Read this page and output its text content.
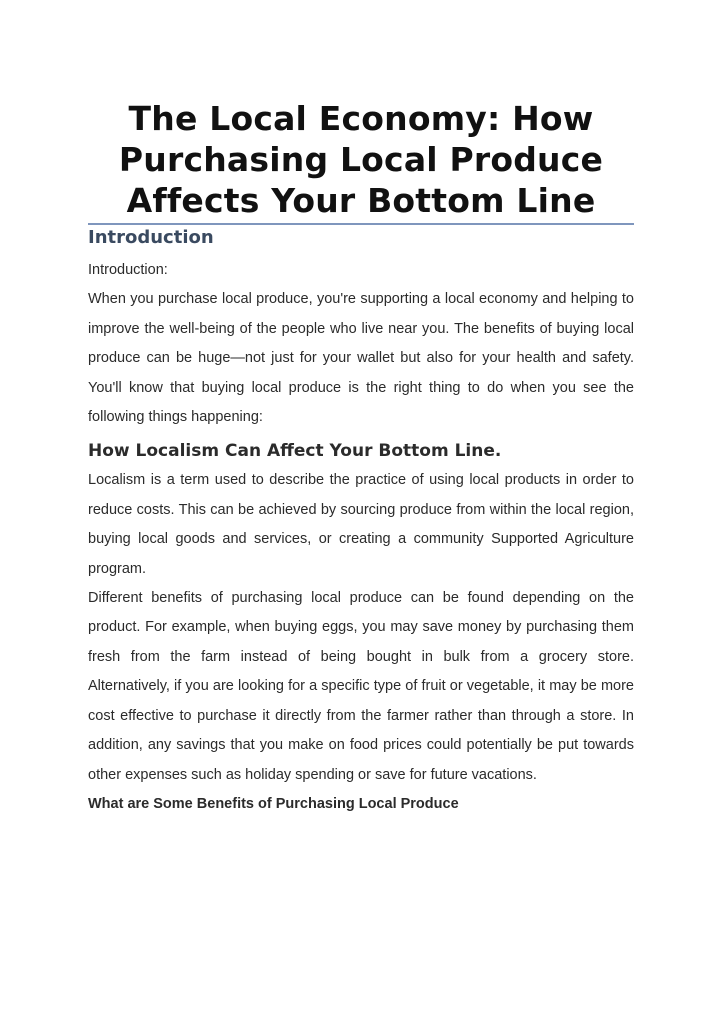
The Local Economy: How Purchasing Local Produce Affects Your Bottom Line
Introduction

Introduction:

When you purchase local produce, you're supporting a local economy and helping to improve the well-being of the people who live near you. The benefits of buying local produce can be huge—not just for your wallet but also for your health and safety. You'll know that buying local produce is the right thing to do when you see the following things happening:

How Localism Can Affect Your Bottom Line.

Localism is a term used to describe the practice of using local products in order to reduce costs. This can be achieved by sourcing produce from within the local region, buying local goods and services, or creating a community Supported Agriculture program.

Different benefits of purchasing local produce can be found depending on the product. For example, when buying eggs, you may save money by purchasing them fresh from the farm instead of being bought in bulk from a grocery store. Alternatively, if you are looking for a specific type of fruit or vegetable, it may be more cost effective to purchase it directly from the farmer rather than through a store. In addition, any savings that you make on food prices could potentially be put towards other expenses such as holiday spending or save for future vacations.

What are Some Benefits of Purchasing Local Produce
